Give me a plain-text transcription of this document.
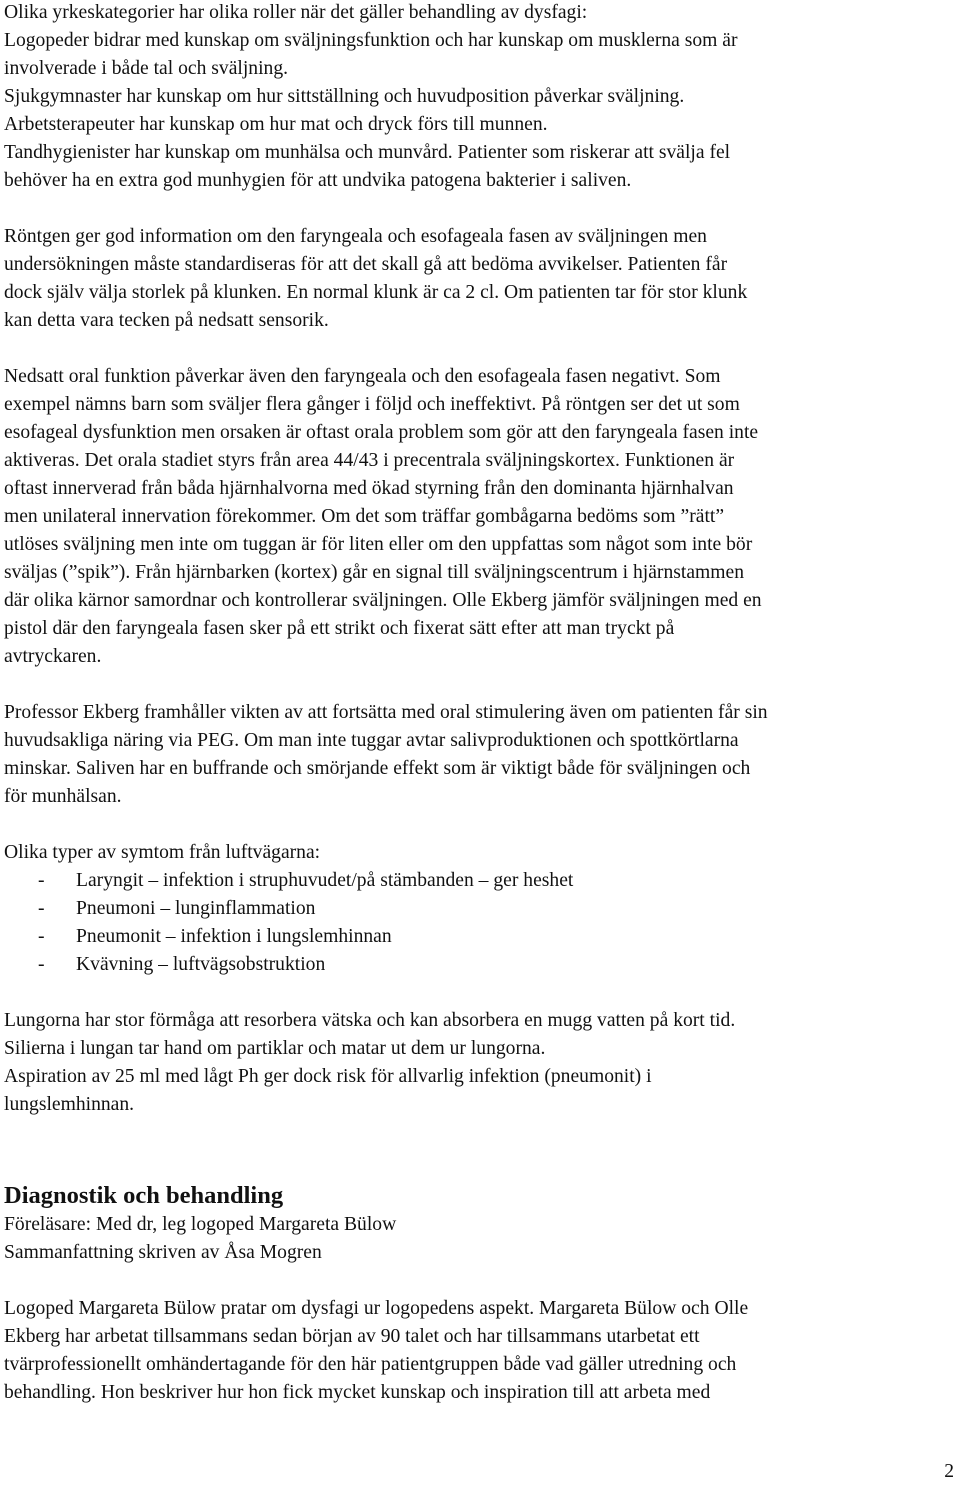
Olika yrkeskategorier har olika roller när det gäller behandling av dysfagi:
Logopeder bidrar med kunskap om sväljningsfunktion och har kunskap om musklerna som är
involverade i både tal och sväljning.
Sjukgymnaster har kunskap om hur sittställning och huvudposition påverkar sväljning.
Arbetsterapeuter har kunskap om hur mat och dryck förs till munnen.
Tandhygienister har kunskap om munhälsa och munvård. Patienter som riskerar att svälja fel
behöver ha en extra god munhygien för att undvika patogena bakterier i saliven.
Röntgen ger god information om den faryngeala och esofageala fasen av sväljningen men
undersökningen måste standardiseras för att det skall gå att bedöma avvikelser. Patienten får
dock själv välja storlek på klunken. En normal klunk är ca 2 cl. Om patienten tar för stor klunk
kan detta vara tecken på nedsatt sensorik.
Nedsatt oral funktion påverkar även den faryngeala och den esofageala fasen negativt. Som
exempel nämns barn som sväljer flera gånger i följd och ineffektivt. På röntgen ser det ut som
esofageal dysfunktion men orsaken är oftast orala problem som gör att den faryngeala fasen inte
aktiveras. Det orala stadiet styrs från area 44/43 i precentrala sväljningskortex. Funktionen är
oftast innerverad från båda hjärnhalvorna med ökad styrning från den dominanta hjärnhalvan
men unilateral innervation förekommer. Om det som träffar gombågarna bedöms som ”rätt”
utlöses sväljning men inte om tuggan är för liten eller om den uppfattas som något som inte bör
sväljas (”spik”). Från hjärnbarken (kortex) går en signal till sväljningscentrum i hjärnstammen
där olika kärnor samordnar och kontrollerar sväljningen. Olle Ekberg jämför sväljningen med en
pistol där den faryngeala fasen sker på ett strikt och fixerat sätt efter att man tryckt på
avtryckaren.
Professor Ekberg framhåller vikten av att fortsätta med oral stimulering även om patienten får sin
huvudsakliga näring via PEG. Om man inte tuggar avtar salivproduktionen och spottkörtlarna
minskar. Saliven har en buffrande och smörjande effekt som är viktigt både för sväljningen och
för munhälsan.
Olika typer av symtom från luftvägarna:
-	Laryngit – infektion i struphuvudet/på stämbanden – ger heshet
-	Pneumoni – lunginflammation
-	Pneumonit – infektion i lungslemhinnan
-	Kvävning – luftvägsobstruktion
Lungorna har stor förmåga att resorbera vätska och kan absorbera en mugg vatten på kort tid.
Silierna i lungan tar hand om partiklar och matar ut dem ur lungorna.
Aspiration av 25 ml med lågt Ph ger dock risk för allvarlig infektion (pneumonit) i
lungslemhinnan.
Diagnostik och behandling
Föreläsare: Med dr, leg logoped Margareta Bülow
Sammanfattning skriven av Åsa Mogren
Logoped Margareta Bülow pratar om dysfagi ur logopedens aspekt. Margareta Bülow och Olle
Ekberg har arbetat tillsammans sedan början av 90 talet och har tillsammans utarbetat ett
tvärprofessionellt omhändertagande för den här patientgruppen både vad gäller utredning och
behandling. Hon beskriver hur hon fick mycket kunskap och inspiration till att arbeta med
2
